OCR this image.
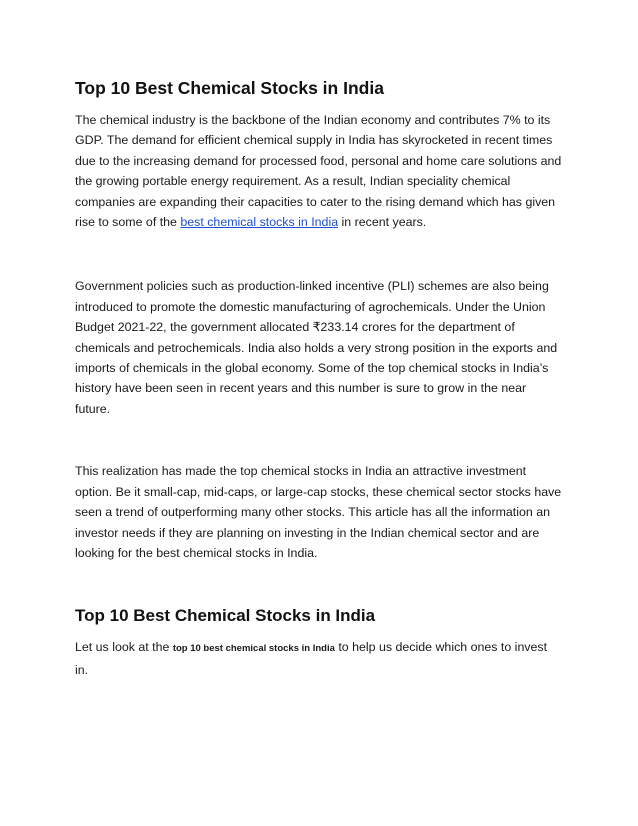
Top 10 Best Chemical Stocks in India

The chemical industry is the backbone of the Indian economy and contributes 7% to its GDP. The demand for efficient chemical supply in India has skyrocketed in recent times due to the increasing demand for processed food, personal and home care solutions and the growing portable energy requirement. As a result, Indian speciality chemical companies are expanding their capacities to cater to the rising demand which has given rise to some of the best chemical stocks in India in recent years.

Government policies such as production-linked incentive (PLI) schemes are also being introduced to promote the domestic manufacturing of agrochemicals. Under the Union Budget 2021-22, the government allocated ₹233.14 crores for the department of chemicals and petrochemicals. India also holds a very strong position in the exports and imports of chemicals in the global economy. Some of the top chemical stocks in India’s history have been seen in recent years and this number is sure to grow in the near future.

This realization has made the top chemical stocks in India an attractive investment option. Be it small-cap, mid-caps, or large-cap stocks, these chemical sector stocks have seen a trend of outperforming many other stocks. This article has all the information an investor needs if they are planning on investing in the Indian chemical sector and are looking for the best chemical stocks in India.

Top 10 Best Chemical Stocks in India

Let us look at the top 10 best chemical stocks in India to help us decide which ones to invest in.
